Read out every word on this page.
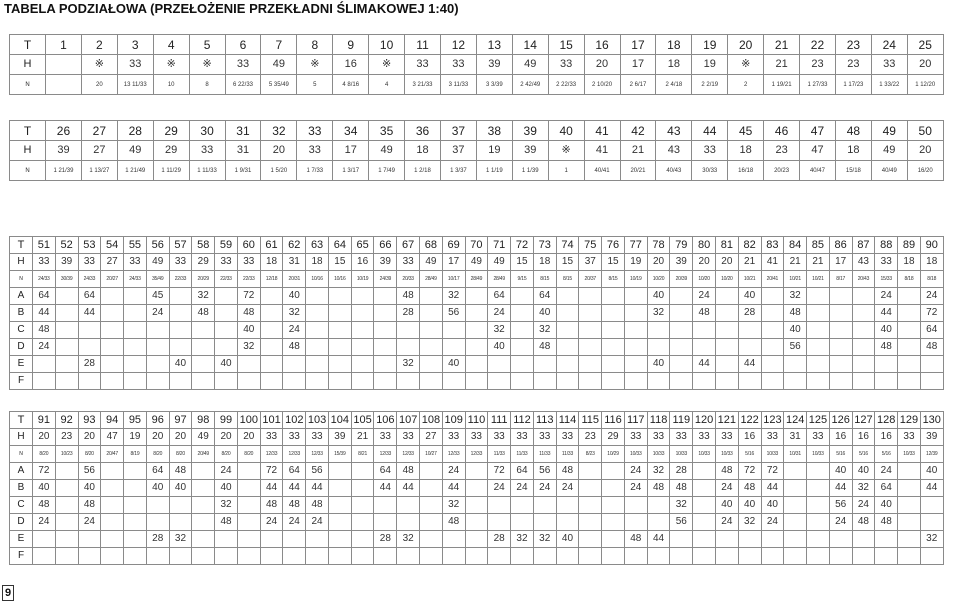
TABELA PODZIAŁOWA (PRZEŁOŻENIE PRZEKŁADNI ŚLIMAKOWEJ 1:40)
T	1	2	3	4	5	6	7	8	9	10	11	12	13	14	15	16	17	18	19	20	21	22	23	24	25
H		※	33	※	※	33	49	※	16	※	33	33	39	49	33	20	17	18	19	※	21	23	23	33	20
N		20	13 11/33	10	8	6 22/33	5 35/49	5	4 8/16	4	3 21/33	3 11/33	3 3/39	2 42/49	2 22/33	2 10/20	2 6/17	2 4/18	2 2/19	2	1 19/21	1 27/33	1 17/23	1 33/22	1 12/20
T	26	27	28	29	30	31	32	33	34	35	36	37	38	39	40	41	42	43	44	45	46	47	48	49	50
H	39	27	49	29	33	31	20	33	17	49	18	37	19	39	※	41	21	43	33	18	23	47	18	49	20
N	1 21/39	1 13/27	1 21/49	1 11/29	1 11/33	1 9/31	1 5/20	1 7/33	1 3/17	1 7/49	1 2/18	1 3/37	1 1/19	1 1/39	1	40/41	20/21	40/43	30/33	16/18	20/23	40/47	15/18	40/49	16/20
T	51	52	53	54	55	56	57	58	59	60	61	62	63	64	65	66	67	68	69	70	71	72	73	74	75	76	77	78	79	80	81	82	83	84	85	86	87	88	89	90
H	33	39	33	27	33	49	33	29	33	33	18	31	18	15	16	39	33	49	17	49	49	15	18	15	37	15	19	20	39	20	20	21	41	21	21	17	43	33	18	18
N	24/33	30/39	24/33	20/27	24/33	35/49	22/33	20/29	22/33	22/33	12/18	20/31	10/16	10/16	10/19	24/39	20/33	28/49	10/17	28/49	28/49	9/15	8/15	8/15	20/37	8/15	10/19	10/20	20/39	10/20	10/20	10/21	20/41	10/21	10/21	8/17	20/43	15/33	8/18	8/18
A	64		64			45		32		72		40					48		32		64		64					40		24		40		32				24		24
B	44		44			24		48		48		32					28		56		24		40					32		48		28		48				44		72
C	48									40		24									32		32											40				40		64
D	24									32		48									40		48											56				48		48
E			28				40		40								32		40									40		44		44								
F																																								
T	91	92	93	94	95	96	97	98	99	100	101	102	103	104	105	106	107	108	109	110	111	112	113	114	115	116	117	118	119	120	121	122	123	124	125	126	127	128	129	130
H	20	23	20	47	19	20	20	49	20	20	33	33	33	39	21	33	33	27	33	33	33	33	33	33	23	29	33	33	33	33	33	16	33	31	33	16	16	16	33	39
N	8/20	10/23	8/20	20/47	8/19	8/20	8/20	20/49	8/20	8/20	12/33	12/33	12/33	15/39	8/21	12/33	12/33	10/27	12/33	12/33	11/33	11/33	11/33	11/33	8/23	10/29	10/33	10/33	10/33	10/33	10/33	5/16	10/33	10/31	10/33	5/16	5/16	5/16	10/33	12/39
A	72		56			64	48		24		72	64	56			64	48		24		72	64	56	48			24	32	28		48	72	72			40	40	24		40
B	40		40			40	40		40		44	44	44			44	44		44		24	24	24	24			24	48	48		24	48	44			44	32	64		44
C	48		48						32		48	48	48						32										32		40	40	40			56	24	40		
D	24		24						48		24	24	24						48										56		24	32	24			24	48	48		
E						28	32									28	32				28	32	32	40			48	44												32
F																																								
9
